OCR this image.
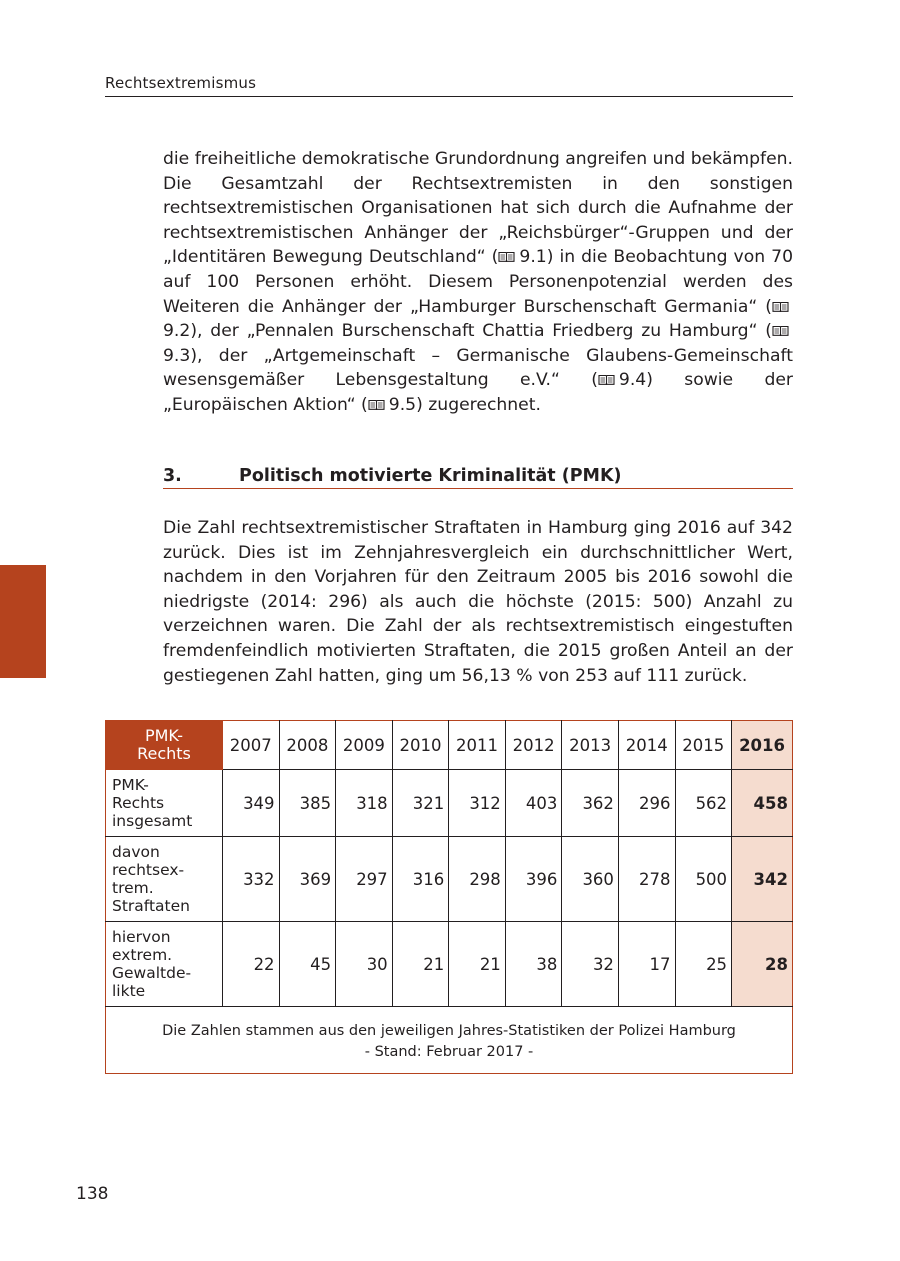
Rechtsextremismus

die freiheitliche demokratische Grundordnung angreifen und bekämpfen. Die Gesamtzahl der Rechtsextremisten in den sonstigen rechtsextremistischen Organisationen hat sich durch die Aufnahme der rechtsextremistischen Anhänger der „Reichsbürger“-Gruppen und der „Identitären Bewegung Deutschland“ ( 9.1) in die Beobachtung von 70 auf 100 Personen erhöht. Diesem Personenpotenzial werden des Weiteren die Anhänger der „Hamburger Burschenschaft Germania“ (
9.2), der „Pennalen Burschenschaft Chattia Friedberg zu Hamburg“ (
9.3), der „Artgemeinschaft – Germanische Glaubens-Gemeinschaft wesensgemäßer Lebensgestaltung e.V.“ ( 9.4) sowie der „Europäischen Aktion“ ( 9.5) zugerechnet.

3.	Politisch motivierte Kriminalität (PMK)

Die Zahl rechtsextremistischer Straftaten in Hamburg ging 2016 auf 342 zurück. Dies ist im Zehnjahresvergleich ein durchschnittlicher Wert, nachdem in den Vorjahren für den Zeitraum 2005 bis 2016 sowohl die niedrigste (2014: 296) als auch die höchste (2015: 500) Anzahl zu verzeichnen waren. Die Zahl der als rechtsextremistisch eingestuften fremdenfeindlich motivierten Straftaten, die 2015 großen Anteil an der gestiegenen Zahl hatten, ging um 56,13 % von 253 auf 111 zurück.

PMK-
Rechts	2007	2008	2009	2010	2011	2012	2013	2014	2015	2016
PMK-
Rechts
insgesamt	349	385	318	321	312	403	362	296	562	458
davon
rechtsex-
trem.
Straftaten	332	369	297	316	298	396	360	278	500	342
hiervon
extrem.
Gewaltde-
likte	22	45	30	21	21	38	32	17	25	28
Die Zahlen stammen aus den jeweiligen Jahres-Statistiken der Polizei Hamburg
- Stand: Februar 2017 -										
138
